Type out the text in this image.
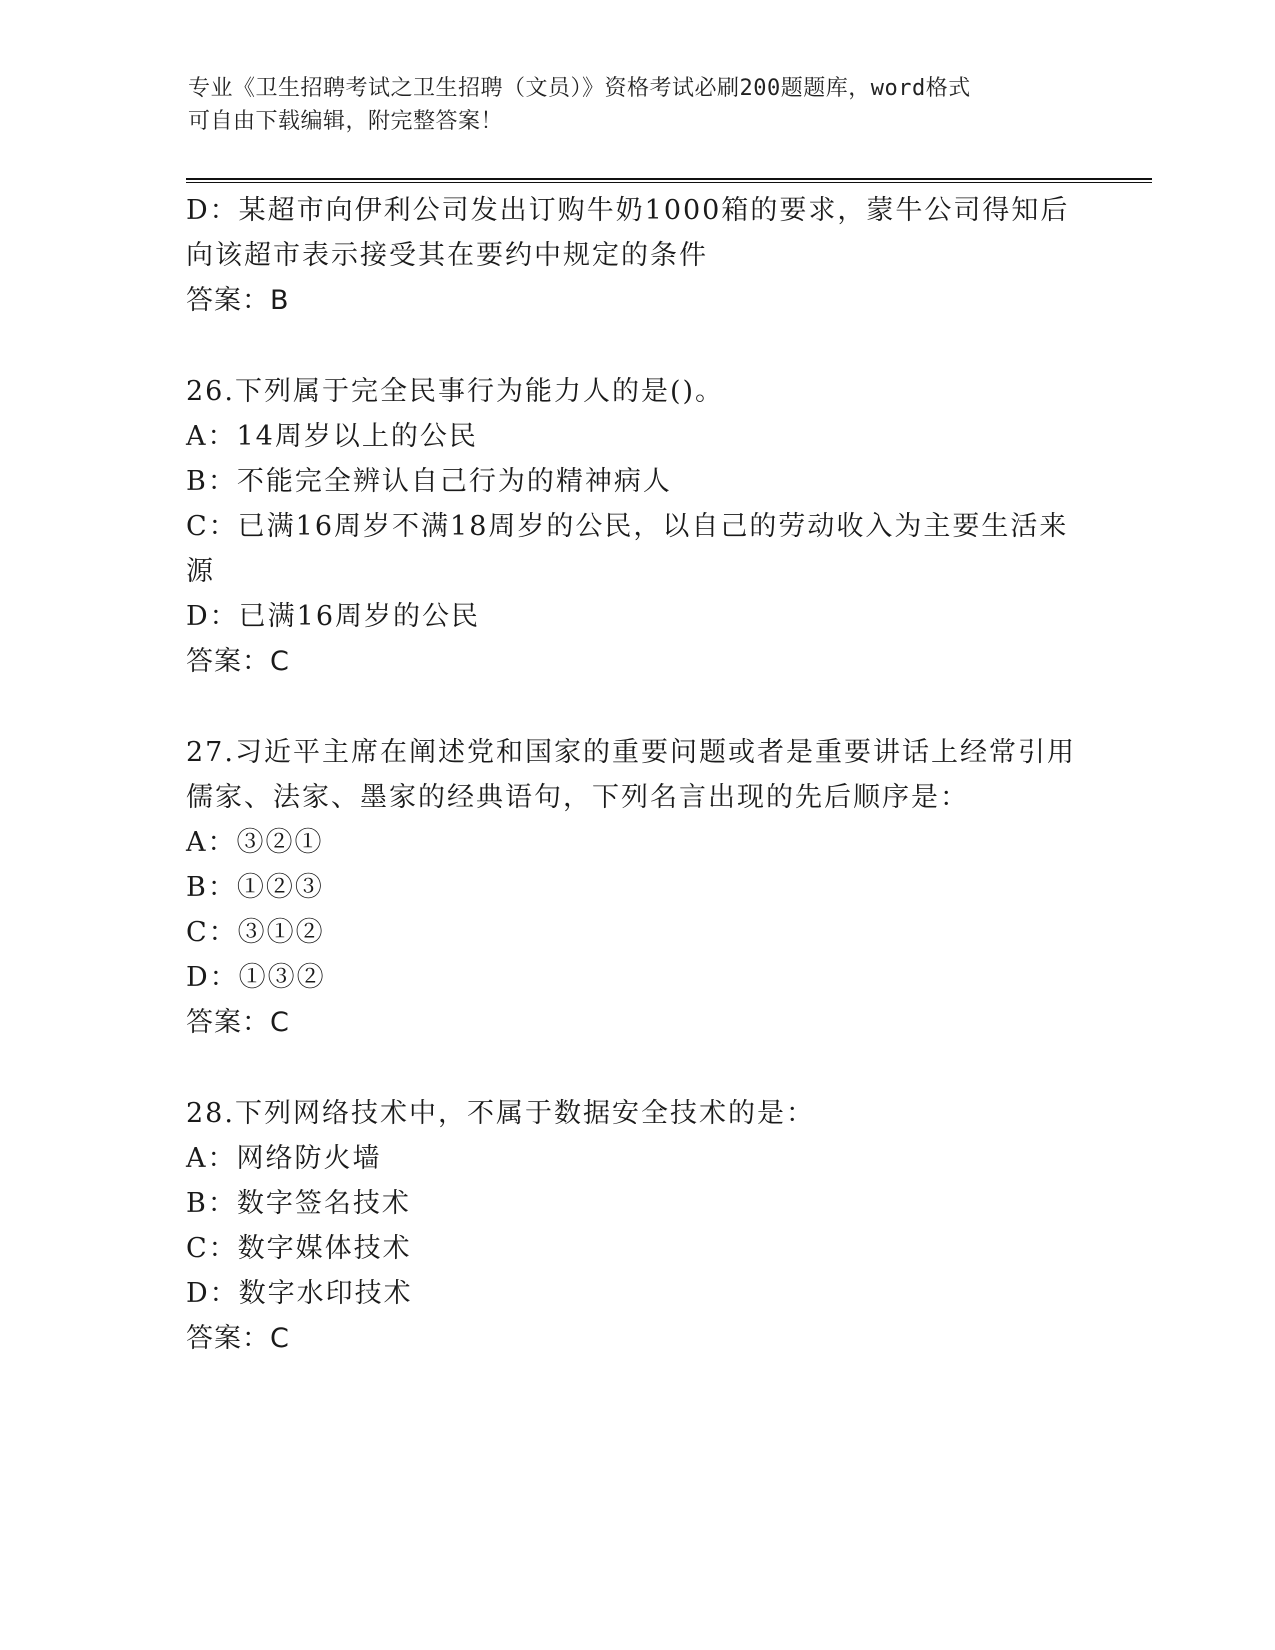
专业《卫生招聘考试之卫生招聘（文员）》资格考试必刷200题题库，word格式
可自由下载编辑，附完整答案！
D：某超市向伊利公司发出订购牛奶1000箱的要求，蒙牛公司得知后
向该超市表示接受其在要约中规定的条件
答案：B
26.下列属于完全民事行为能力人的是()。
A：14周岁以上的公民
B：不能完全辨认自己行为的精神病人
C：已满16周岁不满18周岁的公民，以自己的劳动收入为主要生活来
源
D：已满16周岁的公民
答案：C
27.习近平主席在阐述党和国家的重要问题或者是重要讲话上经常引用
儒家、法家、墨家的经典语句，下列名言出现的先后顺序是：
A：③②①
B：①②③
C：③①②
D：①③②
答案：C
28.下列网络技术中，不属于数据安全技术的是：
A：网络防火墙
B：数字签名技术
C：数字媒体技术
D：数字水印技术
答案：C
